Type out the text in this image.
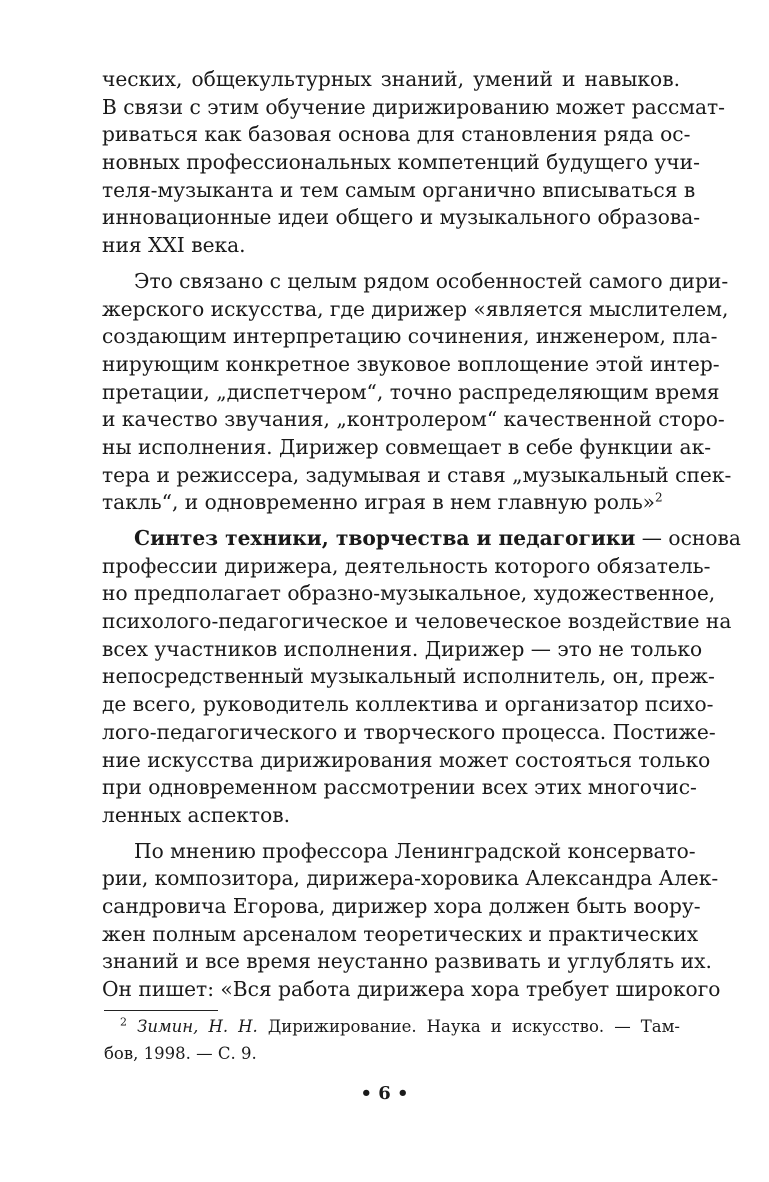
ческих, общекультурных знаний, умений и навыков.
В связи с этим обучение дирижированию может рассмат-
риваться как базовая основа для становления ряда ос-
новных профессиональных компетенций будущего учи-
теля-музыканта и тем самым органично вписываться в
инновационные идеи общего и музыкального образова-
ния XXI века.
Это связано с целым рядом особенностей самого дири-
жерского искусства, где дирижер «является мыслителем,
создающим интерпретацию сочинения, инженером, пла-
нирующим конкретное звуковое воплощение этой интер-
претации, „диспетчером“, точно распределяющим время
и качество звучания, „контролером“ качественной сторо-
ны исполнения. Дирижер совмещает в себе функции ак-
тера и режиссера, задумывая и ставя „музыкальный спек-
такль“, и одновременно играя в нем главную роль»$^2$
Синтез техники, творчества и педагогики — основа
профессии дирижера, деятельность которого обязатель-
но предполагает образно-музыкальное, художественное,
психолого-педагогическое и человеческое воздействие на
всех участников исполнения. Дирижер — это не только
непосредственный музыкальный исполнитель, он, преж-
де всего, руководитель коллектива и организатор психо-
лого-педагогического и творческого процесса. Постиже-
ние искусства дирижирования может состояться только
при одновременном рассмотрении всех этих многочис-
ленных аспектов.
По мнению профессора Ленинградской консервато-
рии, композитора, дирижера-хоровика Александра Алек-
сандровича Егорова, дирижер хора должен быть воору-
жен полным арсеналом теоретических и практических
знаний и все время неустанно развивать и углублять их.
Он пишет: «Вся работа дирижера хора требует широкого
$^2$ Зимин, Н. Н. Дирижирование. Наука и искусство. — Там-
бов, 1998. — С. 9.
• 6 •
